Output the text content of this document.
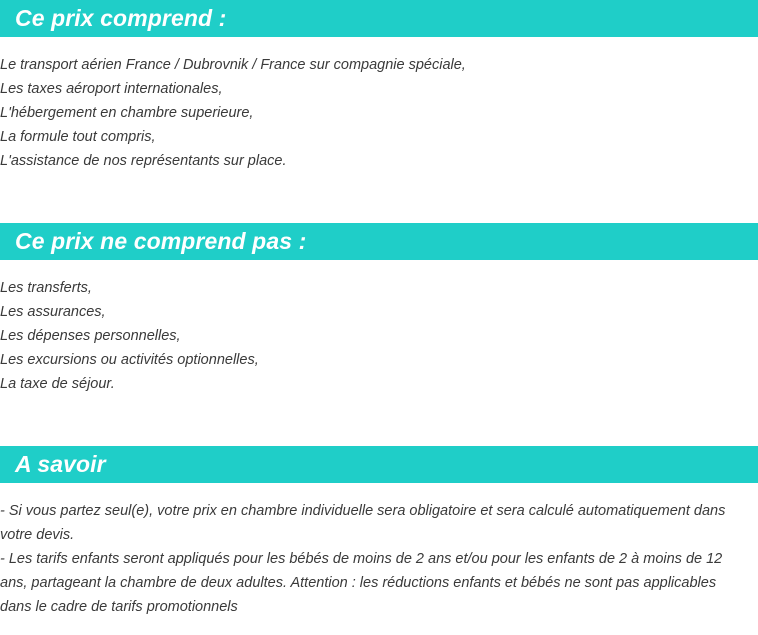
Ce prix comprend :
Le transport aérien France / Dubrovnik / France sur compagnie spéciale,
Les taxes aéroport internationales,
L'hébergement en chambre superieure,
La formule tout compris,
L'assistance de nos représentants sur place.
Ce prix ne comprend pas :
Les transferts,
Les assurances,
Les dépenses personnelles,
Les excursions ou activités optionnelles,
La taxe de séjour.
A savoir

- Si vous partez seul(e), votre prix en chambre individuelle sera obligatoire et sera calculé automatiquement dans votre devis.

- Les tarifs enfants seront appliqués pour les bébés de moins de 2 ans et/ou pour les enfants de 2 à moins de 12 ans, partageant la chambre de deux adultes. Attention : les réductions enfants et bébés ne sont pas applicables dans le cadre de tarifs promotionnels
